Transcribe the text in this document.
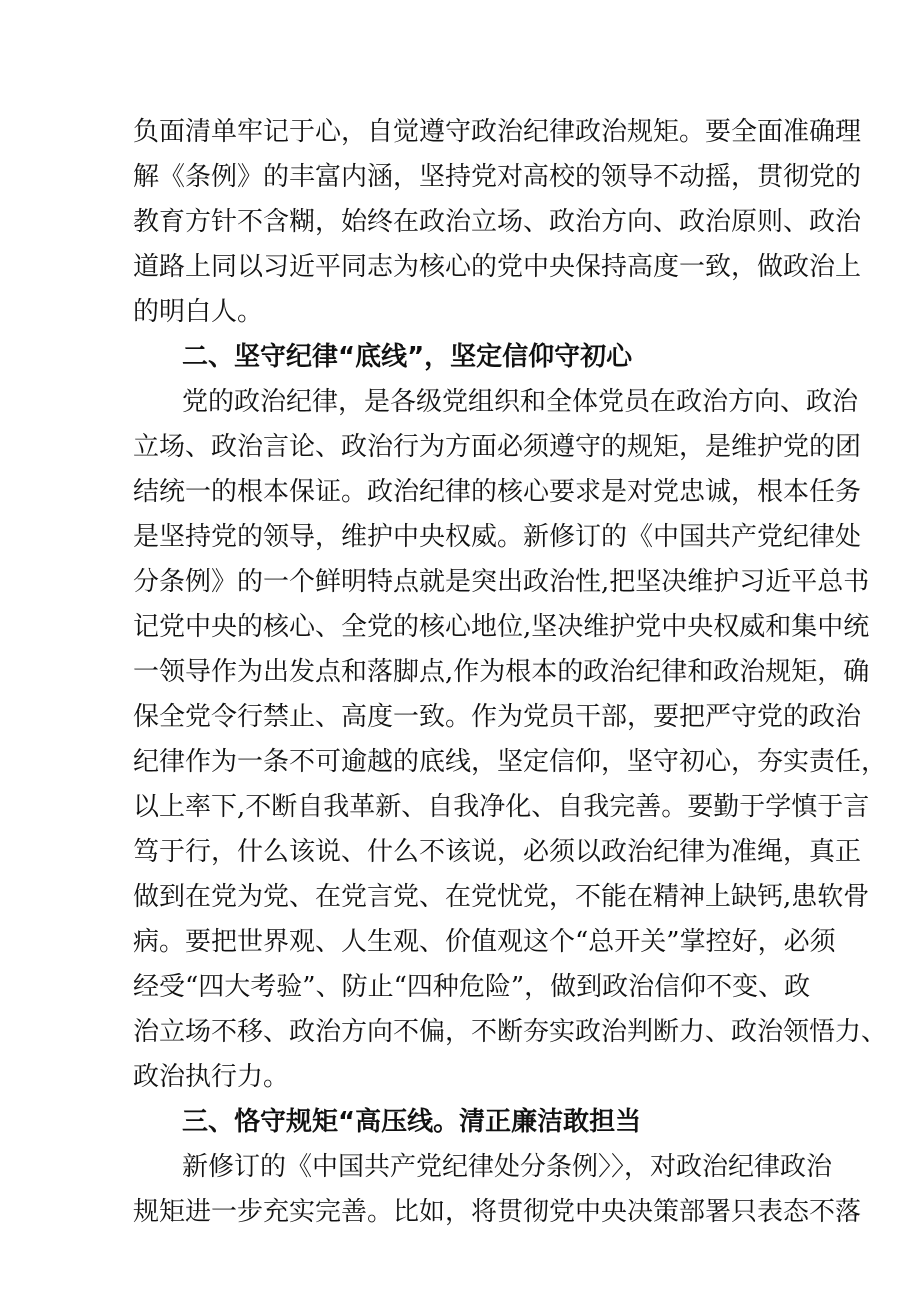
负面清单牢记于心，自觉遵守政治纪律政治规矩。要全面准确理
解《条例》的丰富内涵，坚持党对高校的领导不动摇，贯彻党的
教育方针不含糊，始终在政治立场、政治方向、政治原则、政治
道路上同以习近平同志为核心的党中央保持高度一致，做政治上
的明白人。
二、坚守纪律“底线”，坚定信仰守初心
党的政治纪律，是各级党组织和全体党员在政治方向、政治
立场、政治言论、政治行为方面必须遵守的规矩，是维护党的团
结统一的根本保证。政治纪律的核心要求是对党忠诚，根本任务
是坚持党的领导，维护中央权威。新修订的《中国共产党纪律处
分条例》的一个鲜明特点就是突出政治性,把坚决维护习近平总书
记党中央的核心、全党的核心地位,坚决维护党中央权威和集中统
一领导作为出发点和落脚点,作为根本的政治纪律和政治规矩，确
保全党令行禁止、高度一致。作为党员干部，要把严守党的政治
纪律作为一条不可逾越的底线，坚定信仰，坚守初心，夯实责任，
以上率下,不断自我革新、自我净化、自我完善。要勤于学慎于言
笃于行，什么该说、什么不该说，必须以政治纪律为准绳，真正
做到在党为党、在党言党、在党忧党，不能在精神上缺钙,患软骨
病。要把世界观、人生观、价值观这个“总开关”掌控好，必须
经受“四大考验”、防止“四种危险”，做到政治信仰不变、政
治立场不移、政治方向不偏，不断夯实政治判断力、政治领悟力、
政治执行力。
三、恪守规矩“高压线。清正廉洁敢担当
新修订的《中国共产党纪律处分条例〉〉，对政治纪律政治
规矩进一步充实完善。比如，将贯彻党中央决策部署只表态不落
